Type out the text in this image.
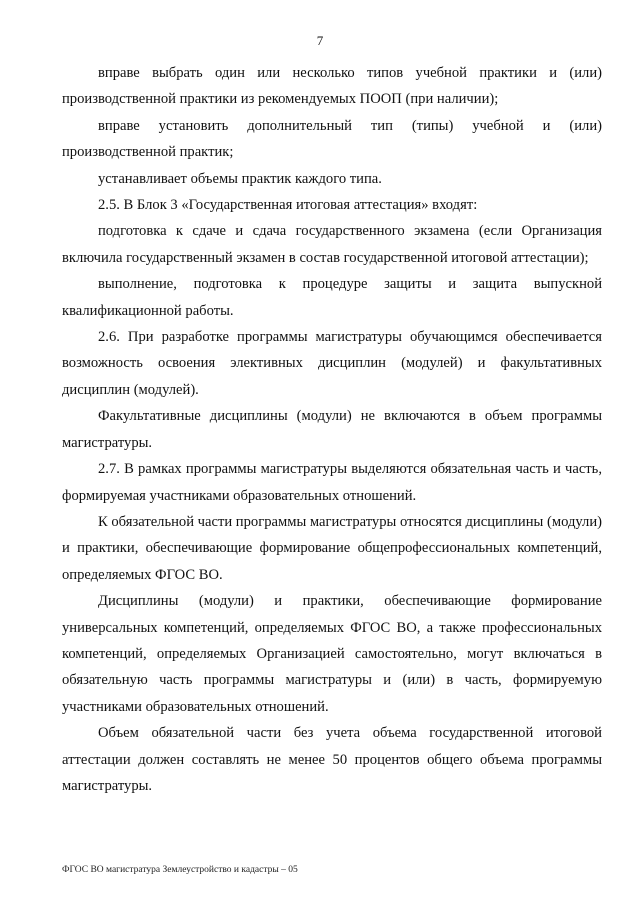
7

вправе выбрать один или несколько типов учебной практики и (или) производственной практики из рекомендуемых ПООП (при наличии);

вправе установить дополнительный тип (типы) учебной и (или) производственной практик;

устанавливает объемы практик каждого типа.

2.5. В Блок 3 «Государственная итоговая аттестация» входят:

подготовка к сдаче и сдача государственного экзамена (если Организация включила государственный экзамен в состав государственной итоговой аттестации);

выполнение, подготовка к процедуре защиты и защита выпускной квалификационной работы.

2.6. При разработке программы магистратуры обучающимся обеспечивается возможность освоения элективных дисциплин (модулей) и факультативных дисциплин (модулей).

Факультативные дисциплины (модули) не включаются в объем программы магистратуры.

2.7. В рамках программы магистратуры выделяются обязательная часть и часть, формируемая участниками образовательных отношений.

К обязательной части программы магистратуры относятся дисциплины (модули) и практики, обеспечивающие формирование общепрофессиональных компетенций, определяемых ФГОС ВО.

Дисциплины (модули) и практики, обеспечивающие формирование универсальных компетенций, определяемых ФГОС ВО, а также профессиональных компетенций, определяемых Организацией самостоятельно, могут включаться в обязательную часть программы магистратуры и (или) в часть, формируемую участниками образовательных отношений.

Объем обязательной части без учета объема государственной итоговой аттестации должен составлять не менее 50 процентов общего объема программы магистратуры.

ФГОС ВО магистратура Землеустройство и кадастры – 05
